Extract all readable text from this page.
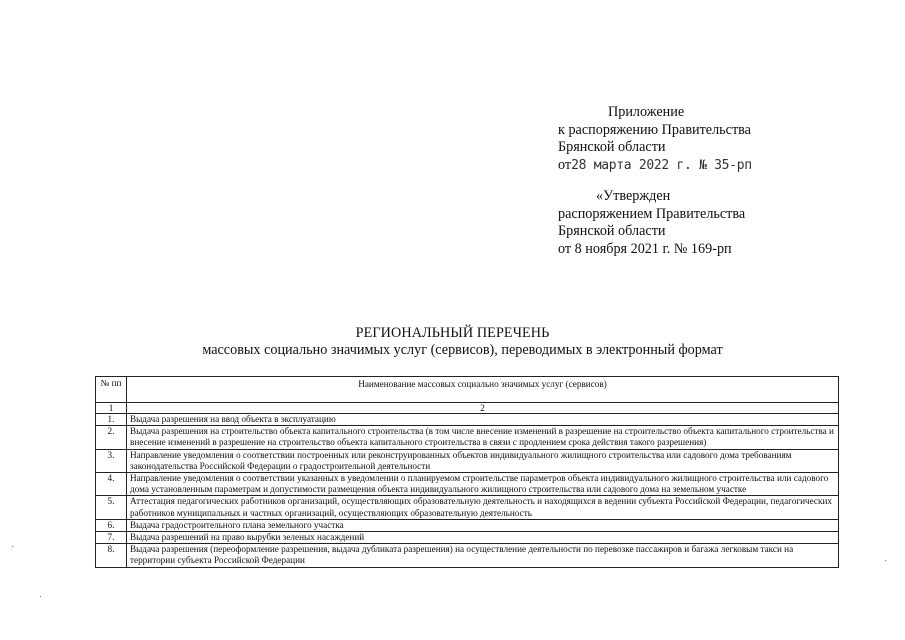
Приложение
к распоряжению Правительства
Брянской области
от28 марта 2022 г. № 35-рп
«Утвержден
распоряжением Правительства
Брянской области
от 8 ноября 2021 г. № 169-рп
РЕГИОНАЛЬНЫЙ ПЕРЕЧЕНЬ
массовых социально значимых услуг (сервисов), переводимых в электронный формат
№ пп	Наименование массовых социально значимых услуг (сервисов)
1	2
1.	Выдача разрешения на ввод объекта в эксплуатацию
2.	Выдача разрешения на строительство объекта капитального строительства (в том числе внесение изменений в разрешение на строительство объекта капитального строительства и внесение изменений в разрешение на строительство объекта капитального строительства в связи с продлением срока действия такого разрешения)
3.	Направление уведомления о соответствии построенных или реконструированных объектов индивидуального жилищного строительства или садового дома требованиям законодательства Российской Федерации о градостроительной деятельности
4.	Направление уведомления о соответствии указанных в уведомлении о планируемом строительстве параметров объекта индивидуального жилищного строительства или садового дома установленным параметрам и допустимости размещения объекта индивидуального жилищного строительства или садового дома на земельном участке
5.	Аттестация педагогических работников организаций, осуществляющих образовательную деятельность и находящихся в ведении субъекта Российской Федерации, педагогических работников муниципальных и частных организаций, осуществляющих образовательную деятельность
6.	Выдача градостроительного плана земельного участка
7.	Выдача разрешений на право вырубки зеленых насаждений
8.	Выдача разрешения (переоформление разрешения, выдача дубликата разрешения) на осуществление деятельности по перевозке пассажиров и багажа легковым такси на территории субъекта Российской Федерации
